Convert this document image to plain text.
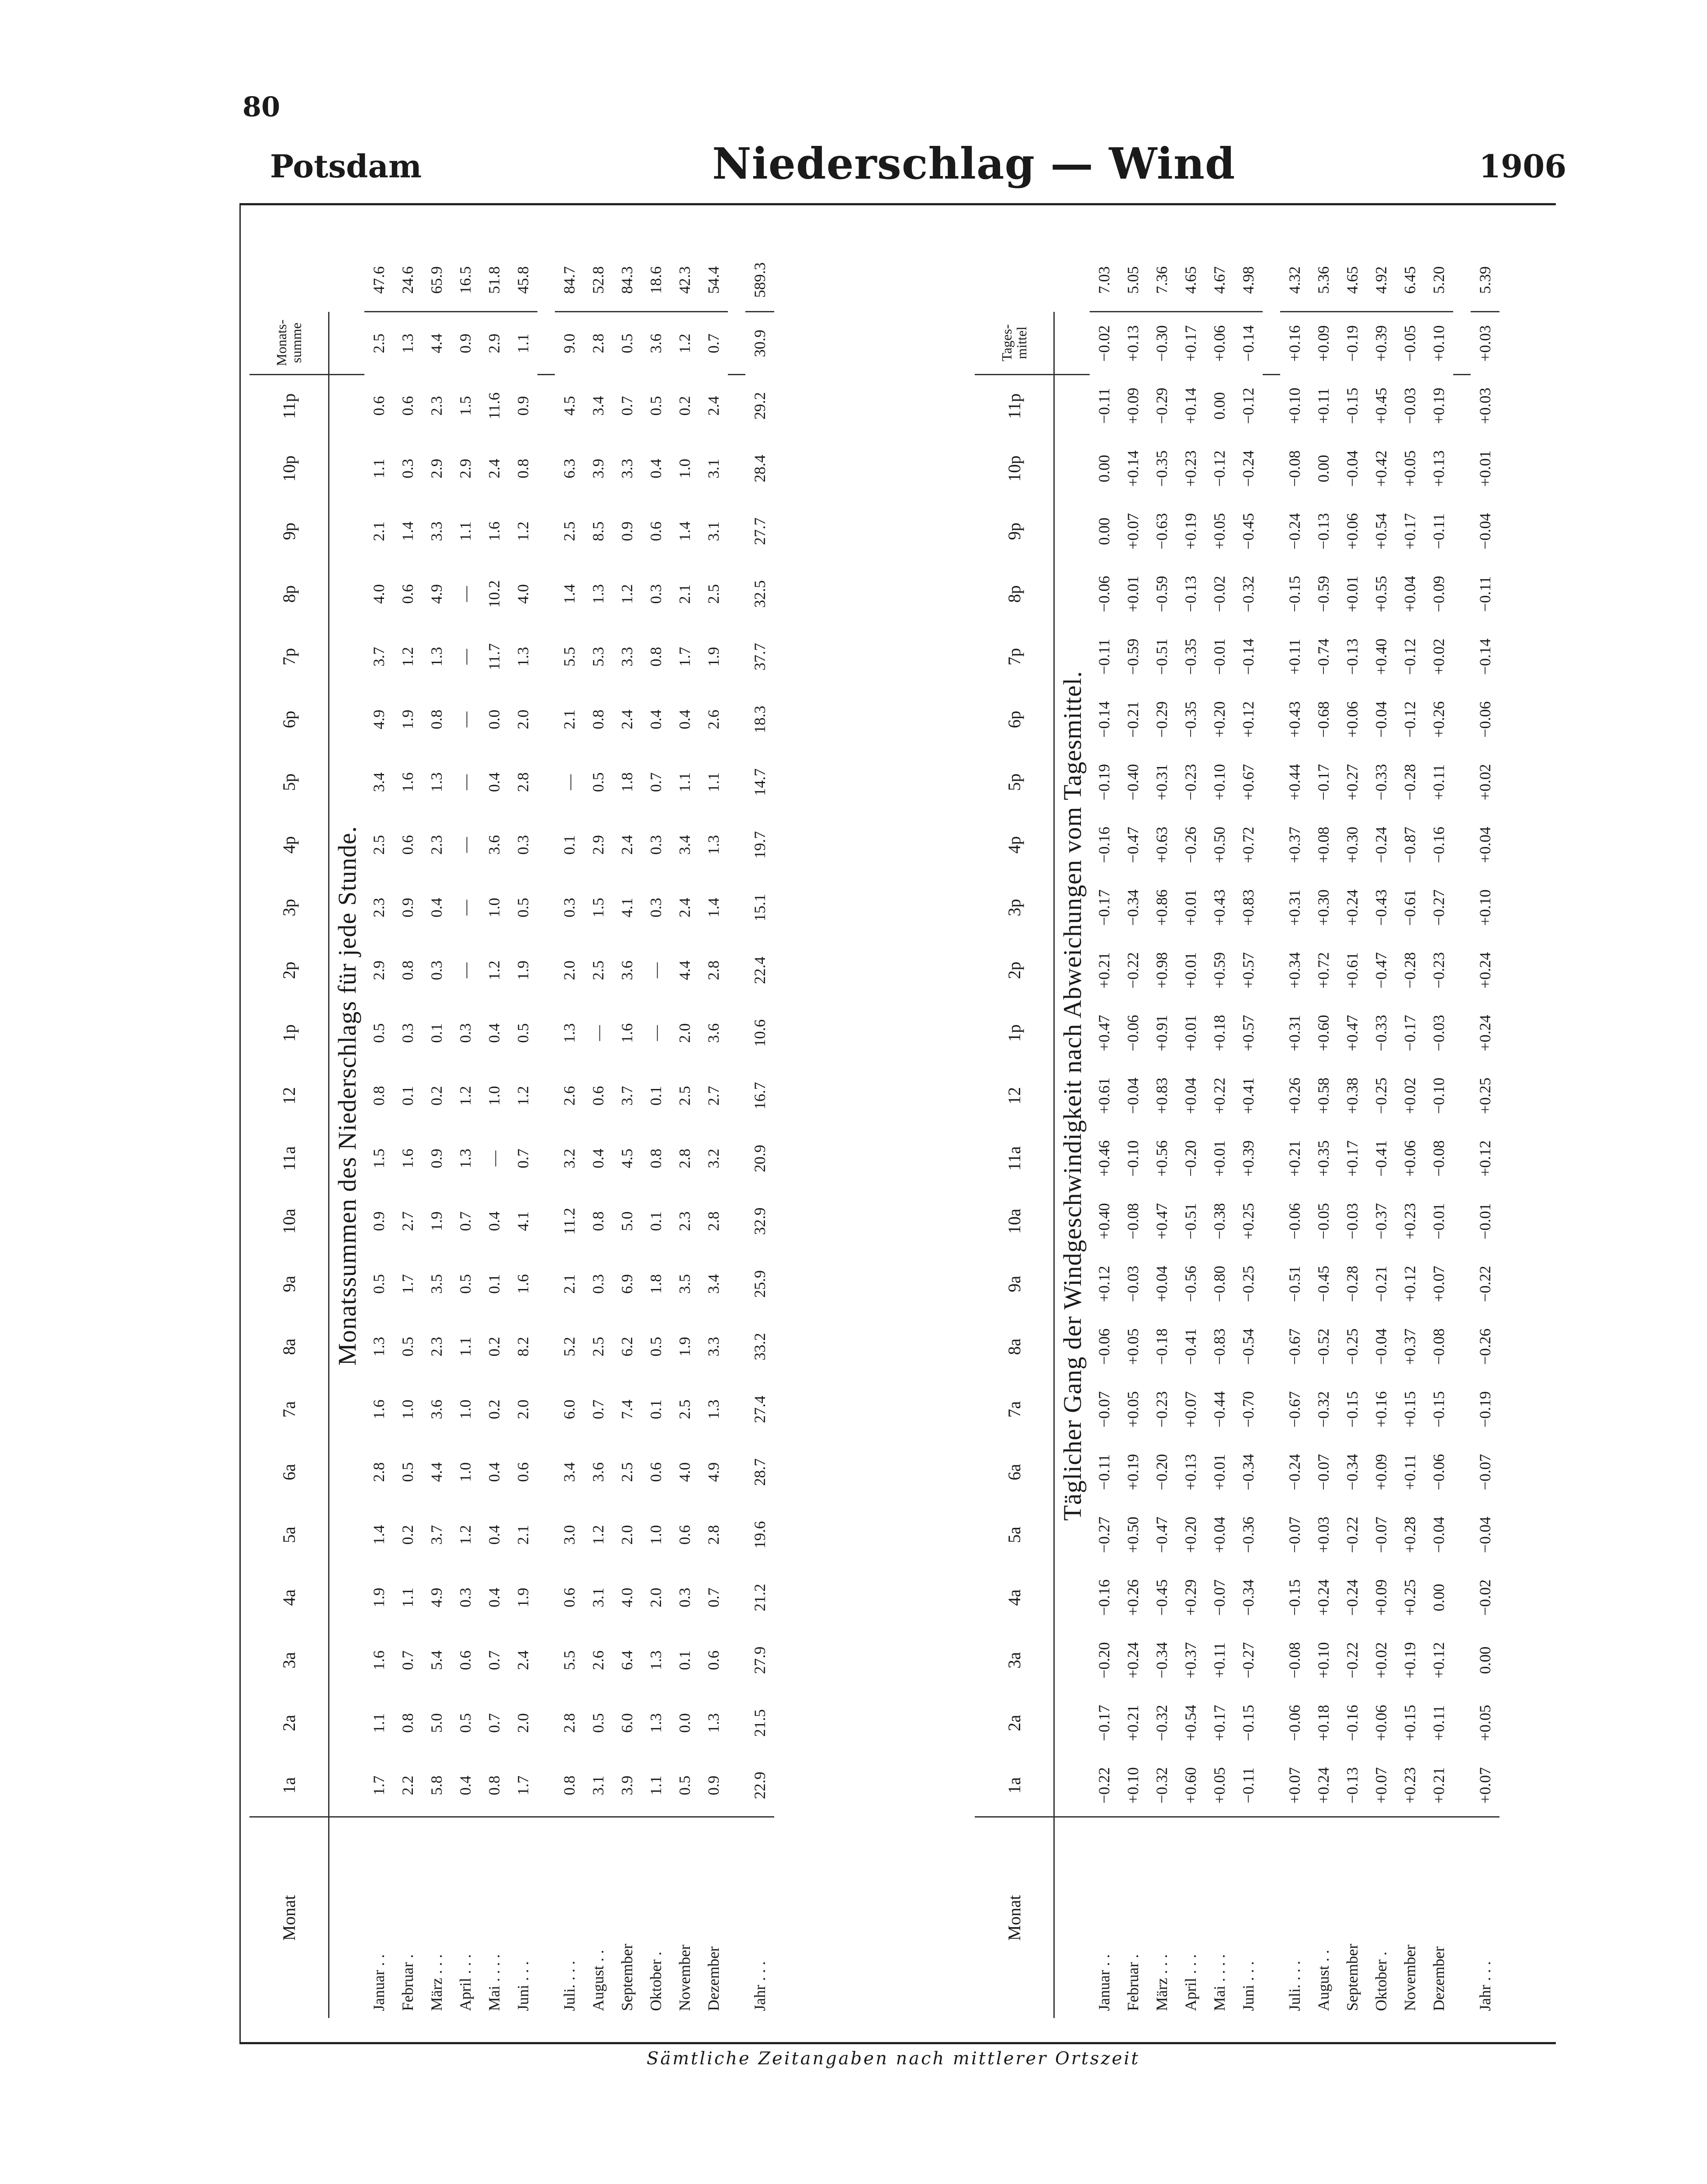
80
Potsdam	Niederschlag — Wind	1906
Monat	1a	2a	3a	4a	5a	6a	7a	8a	9a	10a	11a	12	1p	2p	3p	4p	5p	6p	7p	8p	9p	10p	11p	Monats-summe	
	Monatssummen des Niederschlags für jede Stunde.																								
Januar . .	1.7	1.1	1.6	1.9	1.4	2.8	1.6	1.3	0.5	0.9	1.5	0.8	0.5	2.9	2.3	2.5	3.4	4.9	3.7	4.0	2.1	1.1	0.6	2.5	47.6
Februar .	2.2	0.8	0.7	1.1	0.2	0.5	1.0	0.5	1.7	2.7	1.6	0.1	0.3	0.8	0.9	0.6	1.6	1.9	1.2	0.6	1.4	0.3	0.6	1.3	24.6
März . . .	5.8	5.0	5.4	4.9	3.7	4.4	3.6	2.3	3.5	1.9	0.9	0.2	0.1	0.3	0.4	2.3	1.3	0.8	1.3	4.9	3.3	2.9	2.3	4.4	65.9
April . . .	0.4	0.5	0.6	0.3	1.2	1.0	1.0	1.1	0.5	0.7	1.3	1.2	0.3	—	—	—	—	—	—	—	1.1	2.9	1.5	0.9	16.5
Mai . . . .	0.8	0.7	0.7	0.4	0.4	0.4	0.2	0.2	0.1	0.4	—	1.0	0.4	1.2	1.0	3.6	0.4	0.0	11.7	10.2	1.6	2.4	11.6	2.9	51.8
Juni . . .	1.7	2.0	2.4	1.9	2.1	0.6	2.0	8.2	1.6	4.1	0.7	1.2	0.5	1.9	0.5	0.3	2.8	2.0	1.3	4.0	1.2	0.8	0.9	1.1	45.8

Juli. . . .	0.8	2.8	5.5	0.6	3.0	3.4	6.0	5.2	2.1	11.2	3.2	2.6	1.3	2.0	0.3	0.1	—	2.1	5.5	1.4	2.5	6.3	4.5	9.0	84.7
August . .	3.1	0.5	2.6	3.1	1.2	3.6	0.7	2.5	0.3	0.8	0.4	0.6	—	2.5	1.5	2.9	0.5	0.8	5.3	1.3	8.5	3.9	3.4	2.8	52.8
September	3.9	6.0	6.4	4.0	2.0	2.5	7.4	6.2	6.9	5.0	4.5	3.7	1.6	3.6	4.1	2.4	1.8	2.4	3.3	1.2	0.9	3.3	0.7	0.5	84.3
Oktober .	1.1	1.3	1.3	2.0	1.0	0.6	0.1	0.5	1.8	0.1	0.8	0.1	—	—	0.3	0.3	0.7	0.4	0.8	0.3	0.6	0.4	0.5	3.6	18.6
November	0.5	0.0	0.1	0.3	0.6	4.0	2.5	1.9	3.5	2.3	2.8	2.5	2.0	4.4	2.4	3.4	1.1	0.4	1.7	2.1	1.4	1.0	0.2	1.2	42.3
Dezember	0.9	1.3	0.6	0.7	2.8	4.9	1.3	3.3	3.4	2.8	3.2	2.7	3.6	2.8	1.4	1.3	1.1	2.6	1.9	2.5	3.1	3.1	2.4	0.7	54.4

Jahr . . .	22.9	21.5	27.9	21.2	19.6	28.7	27.4	33.2	25.9	32.9	20.9	16.7	10.6	22.4	15.1	19.7	14.7	18.3	37.7	32.5	27.7	28.4	29.2	30.9	589.3
Monat	1a	2a	3a	4a	5a	6a	7a	8a	9a	10a	11a	12	1p	2p	3p	4p	5p	6p	7p	8p	9p	10p	11p	Tages-mittel	
	Täglicher Gang der Windgeschwindigkeit nach Abweichungen vom Tagesmittel.																								
Januar . .	−0.22	−0.17	−0.20	−0.16	−0.27	−0.11	−0.07	−0.06	+0.12	+0.40	+0.46	+0.61	+0.47	+0.21	−0.17	−0.16	−0.19	−0.14	−0.11	−0.06	0.00	0.00	−0.11	−0.02	7.03
Februar .	+0.10	+0.21	+0.24	+0.26	+0.50	+0.19	+0.05	+0.05	−0.03	−0.08	−0.10	−0.04	−0.06	−0.22	−0.34	−0.47	−0.40	−0.21	−0.59	+0.01	+0.07	+0.14	+0.09	+0.13	5.05
März . . .	−0.32	−0.32	−0.34	−0.45	−0.47	−0.20	−0.23	−0.18	+0.04	+0.47	+0.56	+0.83	+0.91	+0.98	+0.86	+0.63	+0.31	−0.29	−0.51	−0.59	−0.63	−0.35	−0.29	−0.30	7.36
April . . .	+0.60	+0.54	+0.37	+0.29	+0.20	+0.13	+0.07	−0.41	−0.56	−0.51	−0.20	+0.04	+0.01	+0.01	+0.01	−0.26	−0.23	−0.35	−0.35	−0.13	+0.19	+0.23	+0.14	+0.17	4.65
Mai . . . .	+0.05	+0.17	+0.11	−0.07	+0.04	+0.01	−0.44	−0.83	−0.80	−0.38	+0.01	+0.22	+0.18	+0.59	+0.43	+0.50	+0.10	+0.20	−0.01	−0.02	+0.05	−0.12	0.00	+0.06	4.67
Juni . . .	−0.11	−0.15	−0.27	−0.34	−0.36	−0.34	−0.70	−0.54	−0.25	+0.25	+0.39	+0.41	+0.57	+0.57	+0.83	+0.72	+0.67	+0.12	−0.14	−0.32	−0.45	−0.24	−0.12	−0.14	4.98

Juli. . . .	+0.07	−0.06	−0.08	−0.15	−0.07	−0.24	−0.67	−0.67	−0.51	−0.06	+0.21	+0.26	+0.31	+0.34	+0.31	+0.37	+0.44	+0.43	+0.11	−0.15	−0.24	−0.08	+0.10	+0.16	4.32
August . .	+0.24	+0.18	+0.10	+0.24	+0.03	−0.07	−0.32	−0.52	−0.45	−0.05	+0.35	+0.58	+0.60	+0.72	+0.30	+0.08	−0.17	−0.68	−0.74	−0.59	−0.13	0.00	+0.11	+0.09	5.36
September	−0.13	−0.16	−0.22	−0.24	−0.22	−0.34	−0.15	−0.25	−0.28	−0.03	+0.17	+0.38	+0.47	+0.61	+0.24	+0.30	+0.27	+0.06	−0.13	+0.01	+0.06	−0.04	−0.15	−0.19	4.65
Oktober .	+0.07	+0.06	+0.02	+0.09	−0.07	+0.09	+0.16	−0.04	−0.21	−0.37	−0.41	−0.25	−0.33	−0.47	−0.43	−0.24	−0.33	−0.04	+0.40	+0.55	+0.54	+0.42	+0.45	+0.39	4.92
November	+0.23	+0.15	+0.19	+0.25	+0.28	+0.11	+0.15	+0.37	+0.12	+0.23	+0.06	+0.02	−0.17	−0.28	−0.61	−0.87	−0.28	−0.12	−0.12	+0.04	+0.17	+0.05	−0.03	−0.05	6.45
Dezember	+0.21	+0.11	+0.12	0.00	−0.04	−0.06	−0.15	−0.08	+0.07	−0.01	−0.08	−0.10	−0.03	−0.23	−0.27	−0.16	+0.11	+0.26	+0.02	−0.09	−0.11	+0.13	+0.19	+0.10	5.20

Jahr . . .	+0.07	+0.05	0.00	−0.02	−0.04	−0.07	−0.19	−0.26	−0.22	−0.01	+0.12	+0.25	+0.24	+0.24	+0.10	+0.04	+0.02	−0.06	−0.14	−0.11	−0.04	+0.01	+0.03	+0.03	5.39
Sämtliche Zeitangaben nach mittlerer Ortszeit
